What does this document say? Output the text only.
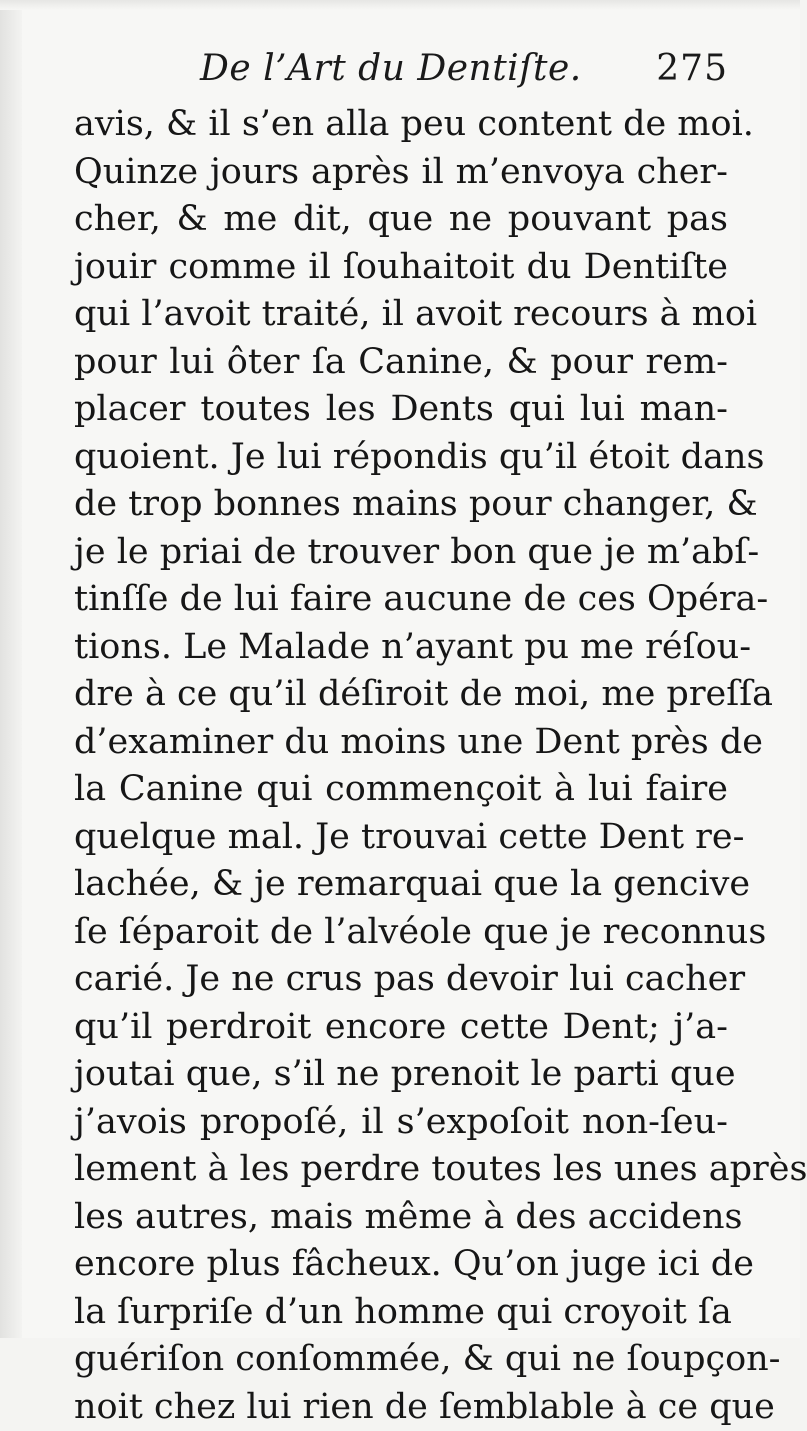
De l’Art du Dentiſte. 275
avis, & il s’en alla peu content de moi.
Quinze jours après il m’envoya cher-
cher, & me dit, que ne pouvant pas
jouir comme il ſouhaitoit du Dentiſte
qui l’avoit traité, il avoit recours à moi
pour lui ôter ſa Canine, & pour rem-
placer toutes les Dents qui lui man-
quoient. Je lui répondis qu’il étoit dans
de trop bonnes mains pour changer, &
je le priai de trouver bon que je m’abſ-
tinſſe de lui faire aucune de ces Opéra-
tions. Le Malade n’ayant pu me réſou-
dre à ce qu’il déſiroit de moi, me preſſa
d’examiner du moins une Dent près de
la Canine qui commençoit à lui faire
quelque mal. Je trouvai cette Dent re-
lachée, & je remarquai que la gencive
ſe ſéparoit de l’alvéole que je reconnus
carié. Je ne crus pas devoir lui cacher
qu’il perdroit encore cette Dent; j’a-
joutai que, s’il ne prenoit le parti que
j’avois propoſé, il s’expoſoit non-ſeu-
lement à les perdre toutes les unes après
les autres, mais même à des accidens
encore plus fâcheux. Qu’on juge ici de
la ſurpriſe d’un homme qui croyoit ſa
guériſon conſommée, & qui ne ſoupçon-
noit chez lui rien de ſemblable à ce que
